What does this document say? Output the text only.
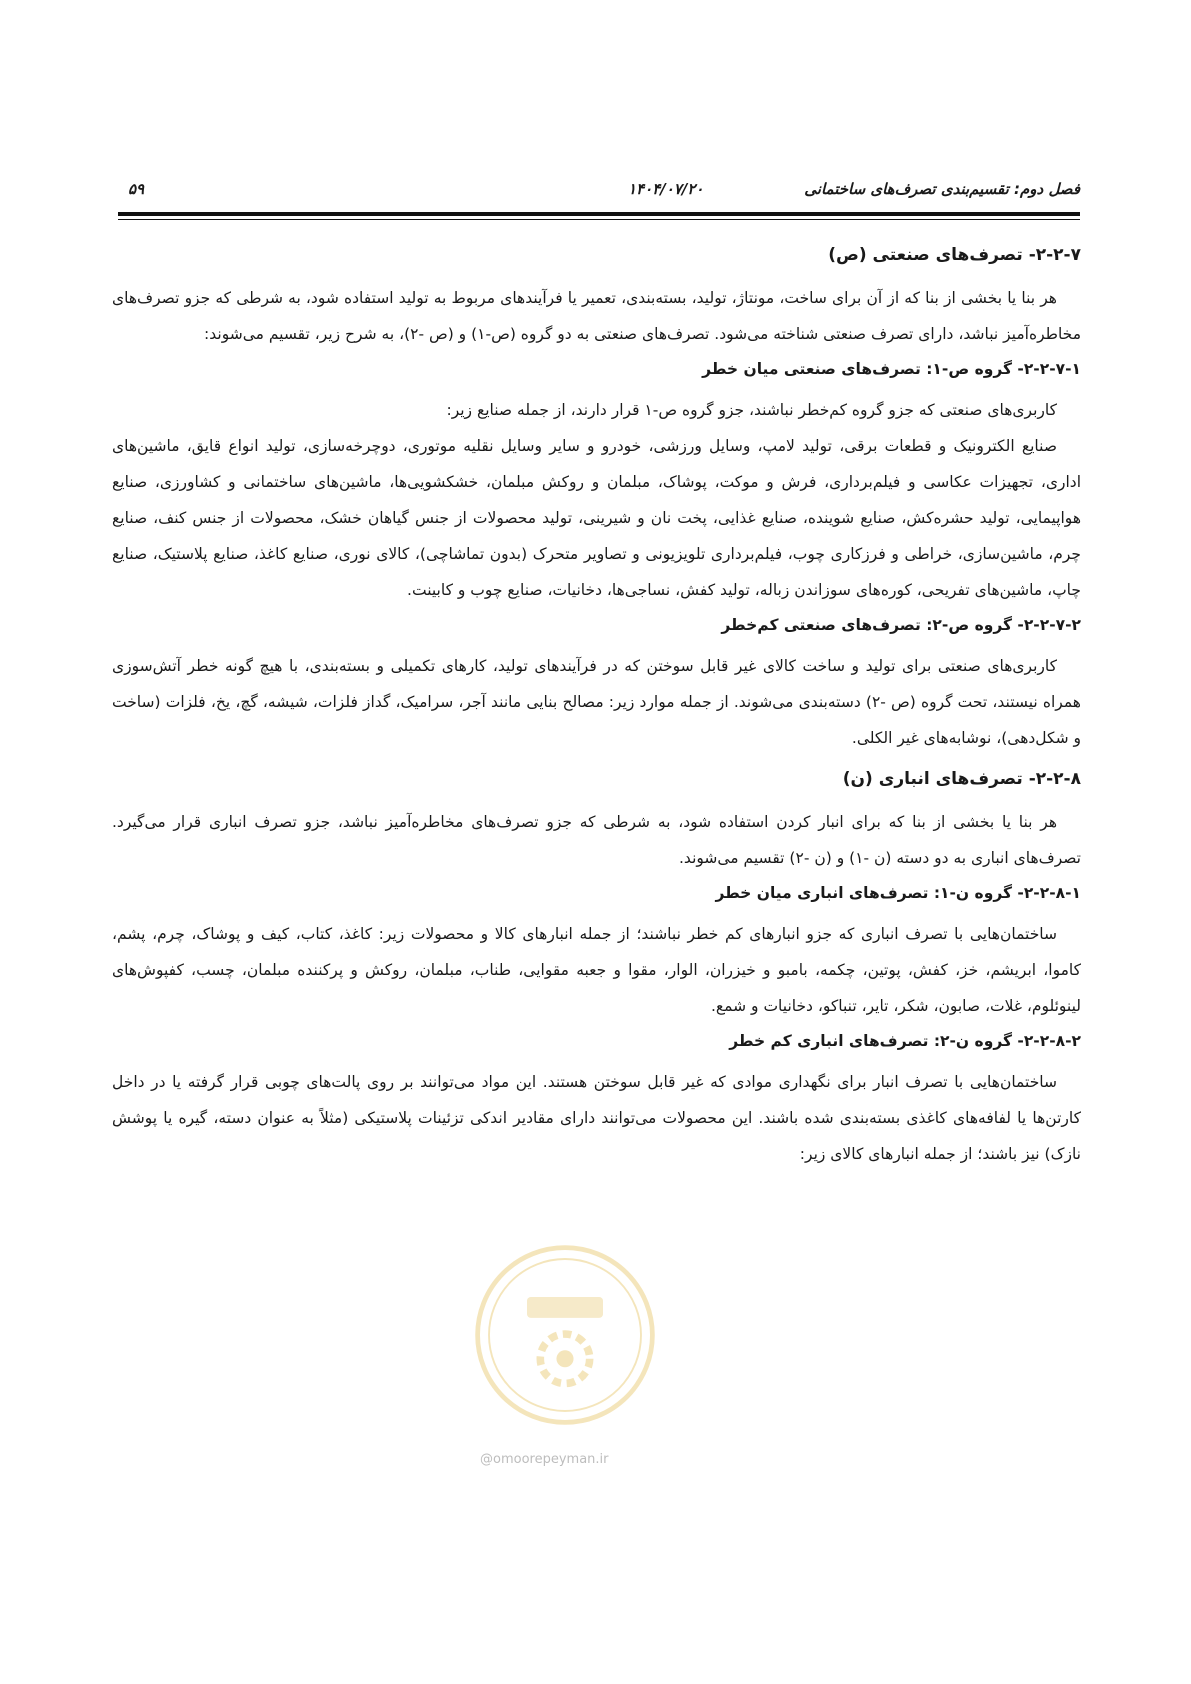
فصل دوم: تقسیم‌بندی تصرف‌های ساختمانی
۱۴۰۴/۰۷/۲۰
۵۹
۲-۲-۷- تصرف‌های صنعتی (ص)

هر بنا یا بخشی از بنا که از آن برای ساخت، مونتاژ، تولید، بسته‌بندی، تعمیر یا فرآیندهای مربوط به تولید استفاده شود، به شرطی که جزو تصرف‌های مخاطره‌آمیز نباشد، دارای تصرف صنعتی شناخته می‌شود. تصرف‌های صنعتی به دو گروه (ص-۱) و (ص -۲)، به شرح زیر، تقسیم می‌شوند:

۲-۲-۷-۱- گروه ص-۱: تصرف‌های صنعتی میان خطر

کاربری‌های صنعتی که جزو گروه کم‌خطر نباشند، جزو گروه ص-۱ قرار دارند، از جمله صنایع زیر:

صنایع الکترونیک و قطعات برقی، تولید لامپ، وسایل ورزشی، خودرو و سایر وسایل نقلیه موتوری، دوچرخه‌سازی، تولید انواع قایق، ماشین‌های اداری، تجهیزات عکاسی و فیلم‌برداری، فرش و موکت، پوشاک، مبلمان و روکش مبلمان، خشکشویی‌ها، ماشین‌های ساختمانی و کشاورزی، صنایع هواپیمایی، تولید حشره‌کش، صنایع شوینده، صنایع غذایی، پخت نان و شیرینی، تولید محصولات از جنس گیاهان خشک، محصولات از جنس کنف، صنایع چرم، ماشین‌سازی، خراطی و فرزکاری چوب، فیلم‌برداری تلویزیونی و تصاویر متحرک (بدون تماشاچی)، کالای نوری، صنایع کاغذ، صنایع پلاستیک، صنایع چاپ، ماشین‌های تفریحی، کوره‌های سوزاندن زباله، تولید کفش، نساجی‌ها، دخانیات، صنایع چوب و کابینت.

۲-۲-۷-۲- گروه ص-۲: تصرف‌های صنعتی کم‌خطر

کاربری‌های صنعتی برای تولید و ساخت کالای غیر قابل سوختن که در فرآیندهای تولید، کارهای تکمیلی و بسته‌بندی، با هیچ گونه خطر آتش‌سوزی همراه نیستند، تحت گروه (ص -۲) دسته‌بندی می‌شوند. از جمله موارد زیر: مصالح بنایی مانند آجر، سرامیک، گداز فلزات، شیشه، گچ، یخ، فلزات (ساخت و شکل‌دهی)، نوشابه‌های غیر الکلی.

۲-۲-۸- تصرف‌های انباری (ن)

هر بنا یا بخشی از بنا که برای انبار کردن استفاده شود، به شرطی که جزو تصرف‌های مخاطره‌آمیز نباشد، جزو تصرف انباری قرار می‌گیرد. تصرف‌های انباری به دو دسته (ن -۱) و (ن -۲) تقسیم می‌شوند.

۲-۲-۸-۱- گروه ن-۱: تصرف‌های انباری میان خطر

ساختمان‌هایی با تصرف انباری که جزو انبارهای کم خطر نباشند؛ از جمله انبارهای کالا و محصولات زیر: کاغذ، کتاب، کیف و پوشاک، چرم، پشم، کاموا، ابریشم، خز، کفش، پوتین، چکمه، بامبو و خیزران، الوار، مقوا و جعبه مقوایی، طناب، مبلمان، روکش و پرکننده مبلمان، چسب، کفپوش‌های لینوئلوم، غلات، صابون، شکر، تایر، تنباکو، دخانیات و شمع.

۲-۲-۸-۲- گروه ن-۲: تصرف‌های انباری کم خطر

ساختمان‌هایی با تصرف انبار برای نگهداری موادی که غیر قابل سوختن هستند. این مواد می‌توانند بر روی پالت‌های چوبی قرار گرفته یا در داخل کارتن‌ها یا لفافه‌های کاغذی بسته‌بندی شده باشند. این محصولات می‌توانند دارای مقادیر اندکی تزئینات پلاستیکی (مثلاً به عنوان دسته، گیره یا پوشش نازک) نیز باشند؛ از جمله انبارهای کالای زیر:

@omoorepeyman.ir
